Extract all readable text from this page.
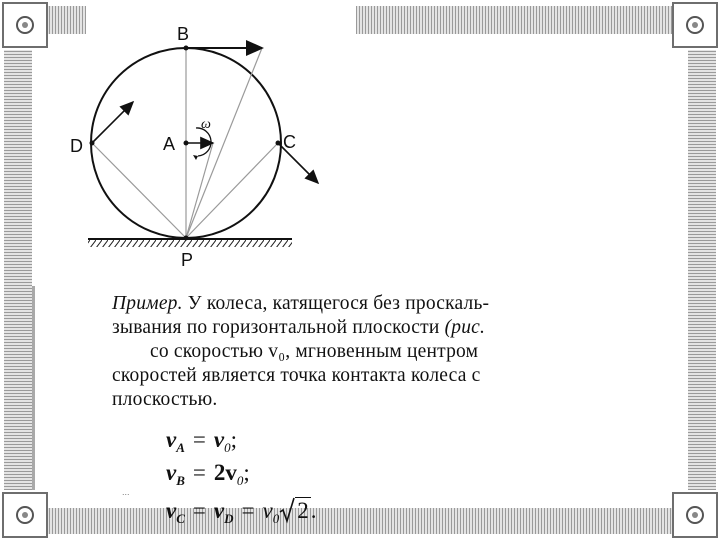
B
A
D	C
P
ω
Пример. У колеса, катящегося без проскаль-
зывания по горизонтальной плоскости (рис.
со скоростью v₀, мгновенным центром
скоростей является точка контакта колеса с
плоскостью.
$v_A = v_0$;
$v_B = 2v_0$;
...
$v_C = v_D = v_0$ 2.
